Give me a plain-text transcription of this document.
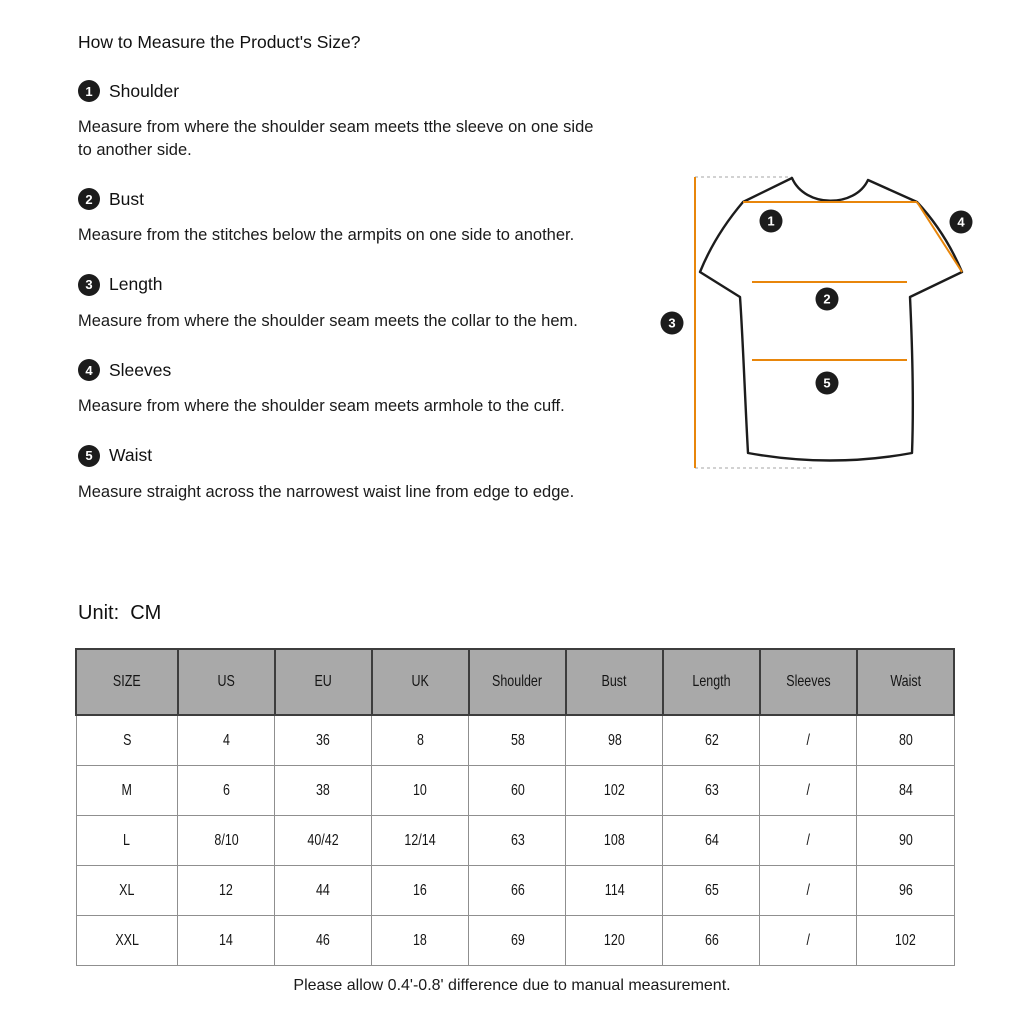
How to Measure the Product's Size?
1 Shoulder

Measure from where the shoulder seam meets tthe sleeve on one side to another side.

2 Bust

Measure from the stitches below the armpits on one side to another.

3 Length

Measure from where the shoulder seam meets the collar to the hem.

4 Sleeves

Measure from where the shoulder seam meets armhole to the cuff.

5 Waist

Measure straight across the narrowest waist line from edge to edge.

Unit:  CM
1
2
3
4
5
SIZE	US	EU	UK	Shoulder	Bust	Length	Sleeves	Waist
S	4	36	8	58	98	62	/	80
M	6	38	10	60	102	63	/	84
L	8/10	40/42	12/14	63	108	64	/	90
XL	12	44	16	66	114	65	/	96
XXL	14	46	18	69	120	66	/	102
Please allow 0.4'-0.8' difference due to manual measurement.
